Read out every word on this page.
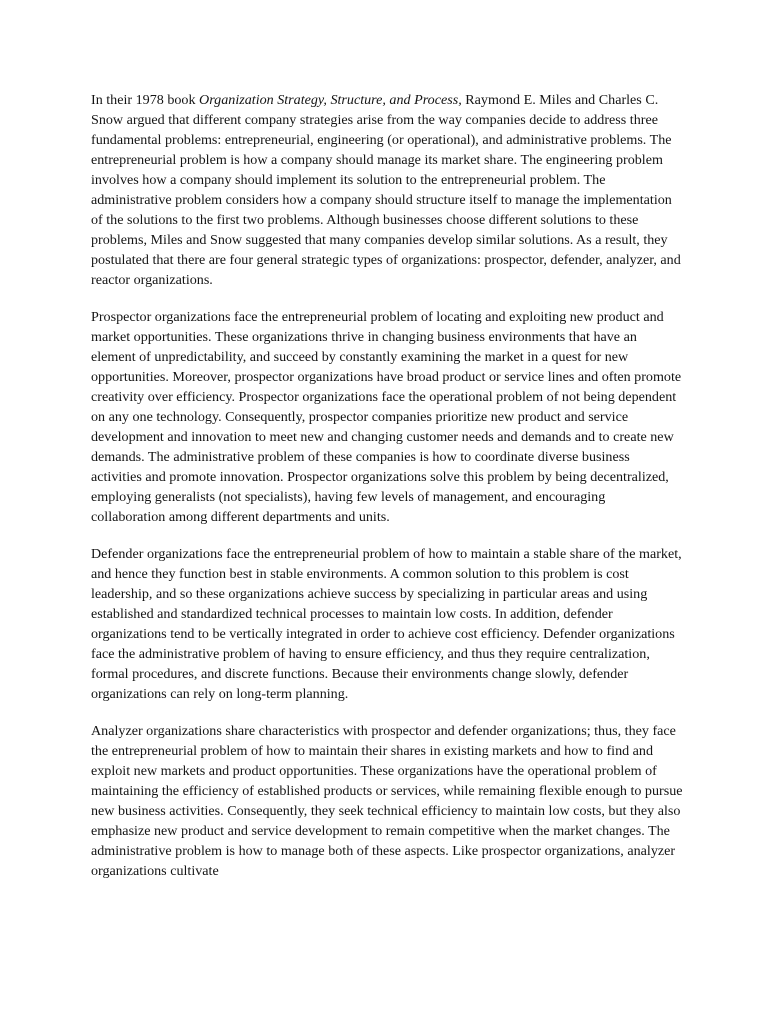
In their 1978 book Organization Strategy, Structure, and Process, Raymond E. Miles and Charles C. Snow argued that different company strategies arise from the way companies decide to address three fundamental problems: entrepreneurial, engineering (or operational), and administrative problems. The entrepreneurial problem is how a company should manage its market share. The engineering problem involves how a company should implement its solution to the entrepreneurial problem. The administrative problem considers how a company should structure itself to manage the implementation of the solutions to the first two problems. Although businesses choose different solutions to these problems, Miles and Snow suggested that many companies develop similar solutions. As a result, they postulated that there are four general strategic types of organizations: prospector, defender, analyzer, and reactor organizations.

Prospector organizations face the entrepreneurial problem of locating and exploiting new product and market opportunities. These organizations thrive in changing business environments that have an element of unpredictability, and succeed by constantly examining the market in a quest for new opportunities. Moreover, prospector organizations have broad product or service lines and often promote creativity over efficiency. Prospector organizations face the operational problem of not being dependent on any one technology. Consequently, prospector companies prioritize new product and service development and innovation to meet new and changing customer needs and demands and to create new demands. The administrative problem of these companies is how to coordinate diverse business activities and promote innovation. Prospector organizations solve this problem by being decentralized, employing generalists (not specialists), having few levels of management, and encouraging collaboration among different departments and units.

Defender organizations face the entrepreneurial problem of how to maintain a stable share of the market, and hence they function best in stable environments. A common solution to this problem is cost leadership, and so these organizations achieve success by specializing in particular areas and using established and standardized technical processes to maintain low costs. In addition, defender organizations tend to be vertically integrated in order to achieve cost efficiency. Defender organizations face the administrative problem of having to ensure efficiency, and thus they require centralization, formal procedures, and discrete functions. Because their environments change slowly, defender organizations can rely on long-term planning.

Analyzer organizations share characteristics with prospector and defender organizations; thus, they face the entrepreneurial problem of how to maintain their shares in existing markets and how to find and exploit new markets and product opportunities. These organizations have the operational problem of maintaining the efficiency of established products or services, while remaining flexible enough to pursue new business activities. Consequently, they seek technical efficiency to maintain low costs, but they also emphasize new product and service development to remain competitive when the market changes. The administrative problem is how to manage both of these aspects. Like prospector organizations, analyzer organizations cultivate
